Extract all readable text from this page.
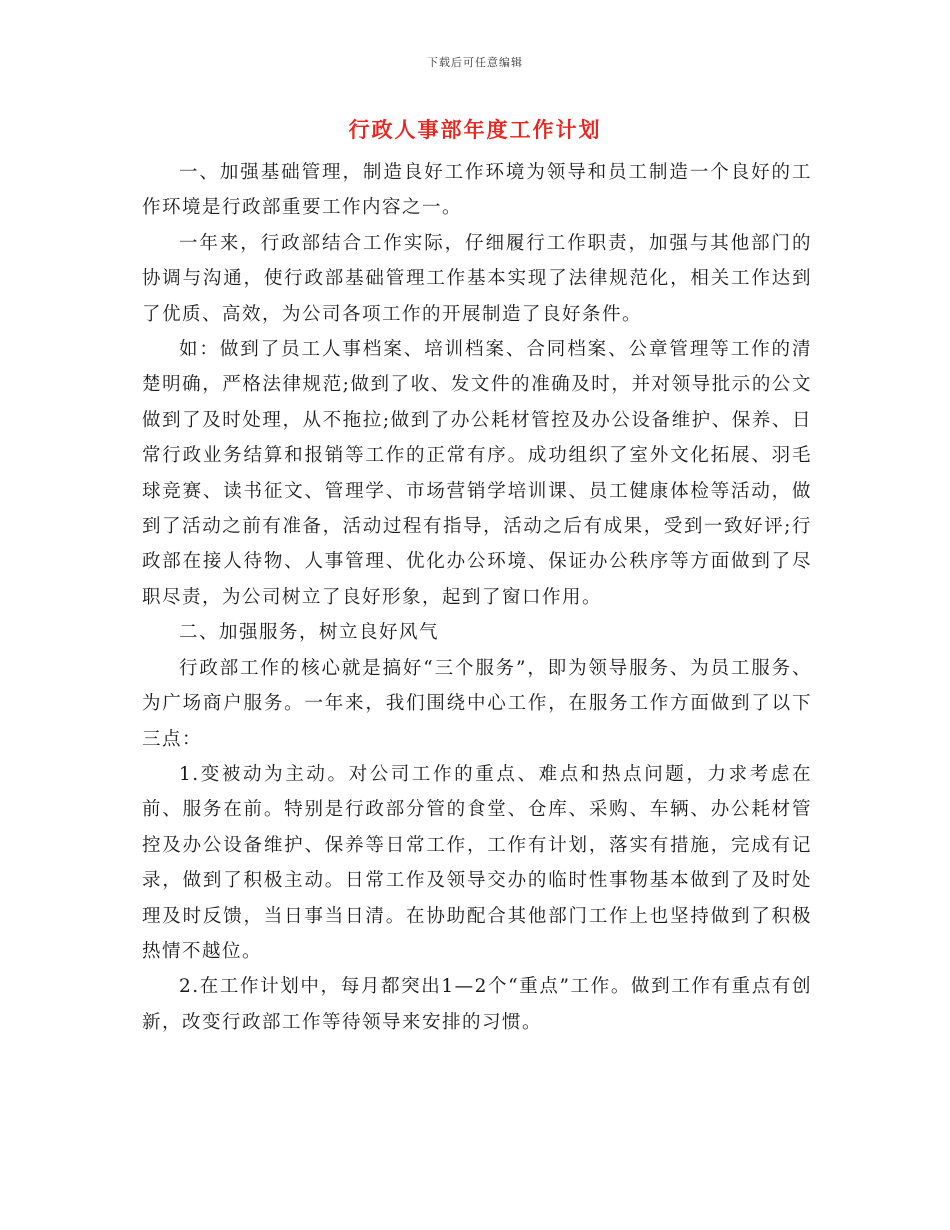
下载后可任意编辑
行政人事部年度工作计划

一、加强基础管理，制造良好工作环境为领导和员工制造一个良好的工作环境是行政部重要工作内容之一。

一年来，行政部结合工作实际，仔细履行工作职责，加强与其他部门的协调与沟通，使行政部基础管理工作基本实现了法律规范化，相关工作达到了优质、高效，为公司各项工作的开展制造了良好条件。

如：做到了员工人事档案、培训档案、合同档案、公章管理等工作的清楚明确，严格法律规范;做到了收、发文件的准确及时，并对领导批示的公文做到了及时处理，从不拖拉;做到了办公耗材管控及办公设备维护、保养、日常行政业务结算和报销等工作的正常有序。成功组织了室外文化拓展、羽毛球竞赛、读书征文、管理学、市场营销学培训课、员工健康体检等活动，做到了活动之前有准备，活动过程有指导，活动之后有成果，受到一致好评;行政部在接人待物、人事管理、优化办公环境、保证办公秩序等方面做到了尽职尽责，为公司树立了良好形象，起到了窗口作用。

二、加强服务，树立良好风气

行政部工作的核心就是搞好“三个服务”，即为领导服务、为员工服务、为广场商户服务。一年来，我们围绕中心工作，在服务工作方面做到了以下三点：

1.变被动为主动。对公司工作的重点、难点和热点问题，力求考虑在前、服务在前。特别是行政部分管的食堂、仓库、采购、车辆、办公耗材管控及办公设备维护、保养等日常工作，工作有计划，落实有措施，完成有记录，做到了积极主动。日常工作及领导交办的临时性事物基本做到了及时处理及时反馈，当日事当日清。在协助配合其他部门工作上也坚持做到了积极热情不越位。

2.在工作计划中，每月都突出1—2个“重点”工作。做到工作有重点有创新，改变行政部工作等待领导来安排的习惯。
